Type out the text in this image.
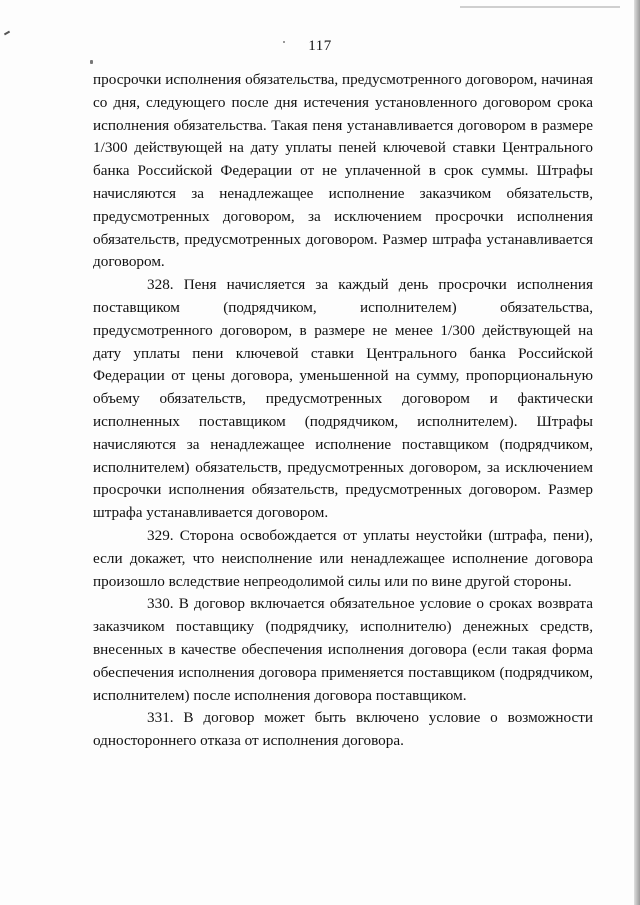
117

просрочки исполнения обязательства, предусмотренного договором, начиная со дня, следующего после дня истечения установленного договором срока исполнения обязательства. Такая пеня устанавливается договором в размере 1/300 действующей на дату уплаты пеней ключевой ставки Центрального банка Российской Федерации от не уплаченной в срок суммы. Штрафы начисляются за ненадлежащее исполнение заказчиком обязательств, предусмотренных договором, за исключением просрочки исполнения обязательств, предусмотренных договором. Размер штрафа устанавливается договором.

328. Пеня начисляется за каждый день просрочки исполнения поставщиком (подрядчиком, исполнителем) обязательства, предусмотренного договором, в размере не менее 1/300 действующей на дату уплаты пени ключевой ставки Центрального банка Российской Федерации от цены договора, уменьшенной на сумму, пропорциональную объему обязательств, предусмотренных договором и фактически исполненных поставщиком (подрядчиком, исполнителем). Штрафы начисляются за ненадлежащее исполнение поставщиком (подрядчиком, исполнителем) обязательств, предусмотренных договором, за исключением просрочки исполнения обязательств, предусмотренных договором. Размер штрафа устанавливается договором.

329. Сторона освобождается от уплаты неустойки (штрафа, пени), если докажет, что неисполнение или ненадлежащее исполнение договора произошло вследствие непреодолимой силы или по вине другой стороны.

330. В договор включается обязательное условие о сроках возврата заказчиком поставщику (подрядчику, исполнителю) денежных средств, внесенных в качестве обеспечения исполнения договора (если такая форма обеспечения исполнения договора применяется поставщиком (подрядчиком, исполнителем) после исполнения договора поставщиком.

331. В договор может быть включено условие о возможности одностороннего отказа от исполнения договора.
